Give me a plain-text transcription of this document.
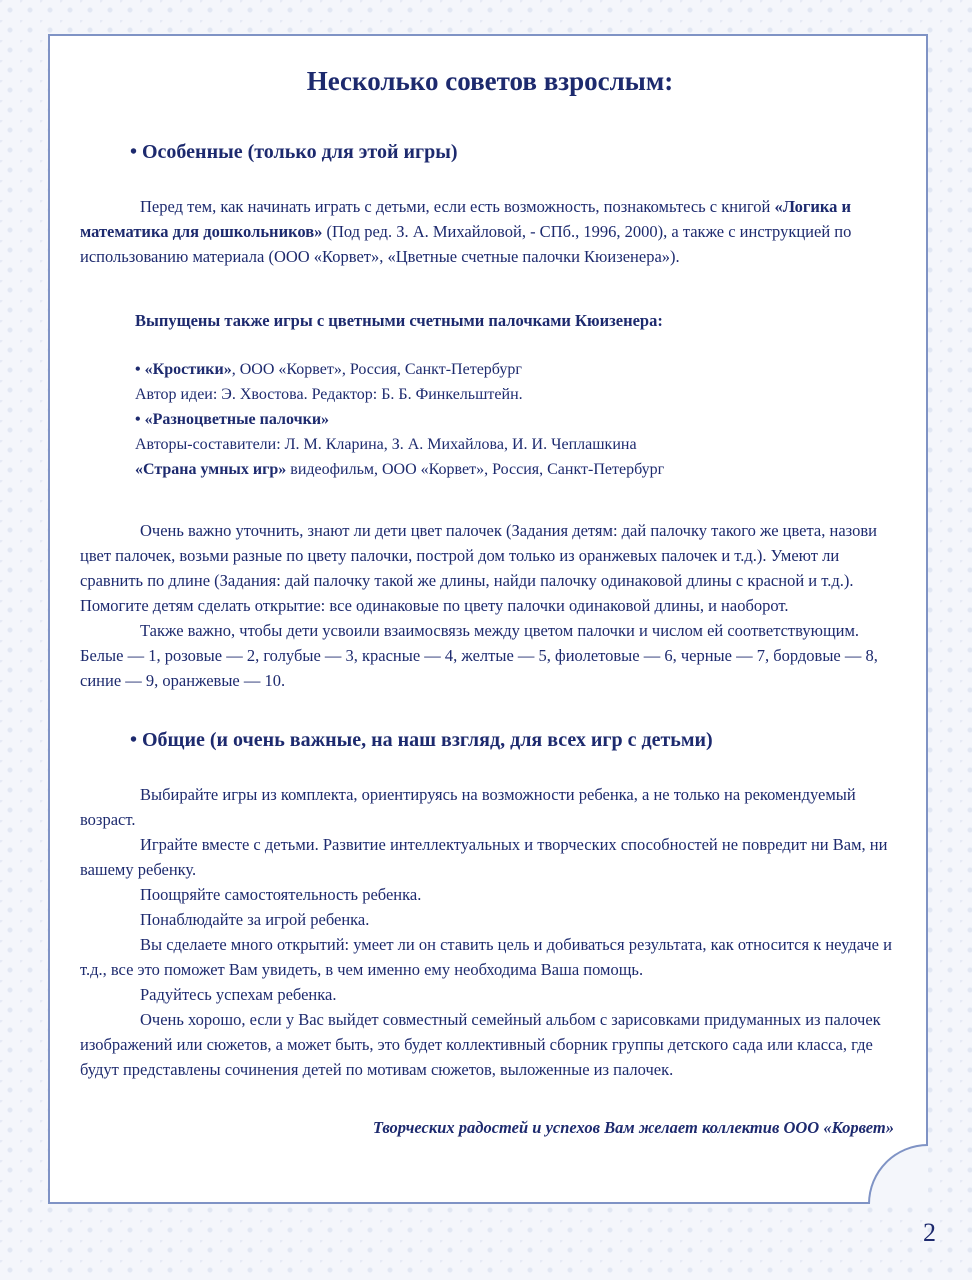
Несколько советов взрослым:
• Особенные (только для этой игры)

Перед тем, как начинать играть с детьми, если есть возможность, познакомьтесь с книгой «Логика и математика для дошкольников» (Под ред. З. А. Михайловой, - СПб., 1996, 2000), а также с инструкцией по использованию материала (ООО «Корвет», «Цветные счетные палочки Кюизенера»).

Выпущены также игры с цветными счетными палочками Кюизенера:

• «Кростики», ООО «Корвет», Россия, Санкт-Петербург

Автор идеи: Э. Хвостова. Редактор: Б. Б. Финкельштейн.

• «Разноцветные палочки»

Авторы-составители: Л. М. Кларина, З. А. Михайлова, И. И. Чеплашкина

«Страна умных игр» видеофильм, ООО «Корвет», Россия, Санкт-Петербург

Очень важно уточнить, знают ли дети цвет палочек (Задания детям: дай палочку такого же цвета, назови цвет палочек, возьми разные по цвету палочки, построй дом только из оранжевых палочек и т.д.). Умеют ли сравнить по длине (Задания: дай палочку такой же длины, найди палочку одинаковой длины с красной и т.д.). Помогите детям сделать открытие: все одинаковые по цвету палочки одинаковой длины, и наоборот.

Также важно, чтобы дети усвоили взаимосвязь между цветом палочки и числом ей соответствующим. Белые — 1, розовые — 2, голубые — 3, красные — 4, желтые — 5, фиолетовые — 6, черные — 7, бордовые — 8, синие — 9, оранжевые — 10.

• Общие (и очень важные, на наш взгляд, для всех игр с детьми)

Выбирайте игры из комплекта, ориентируясь на возможности ребенка, а не только на рекомендуемый возраст.

Играйте вместе с детьми. Развитие интеллектуальных и творческих способностей не повредит ни Вам, ни вашему ребенку.

Поощряйте самостоятельность ребенка.

Понаблюдайте за игрой ребенка.

Вы сделаете много открытий: умеет ли он ставить цель и добиваться результата, как относится к неудаче и т.д., все это поможет Вам увидеть, в чем именно ему необходима Ваша помощь.

Радуйтесь успехам ребенка.

Очень хорошо, если у Вас выйдет совместный семейный альбом с зарисовками придуманных из палочек изображений или сюжетов, а может быть, это будет коллективный сборник группы детского сада или класса, где будут представлены сочинения детей по мотивам сюжетов, выложенные из палочек.

Творческих радостей и успехов Вам желает коллектив ООО «Корвет»
2
